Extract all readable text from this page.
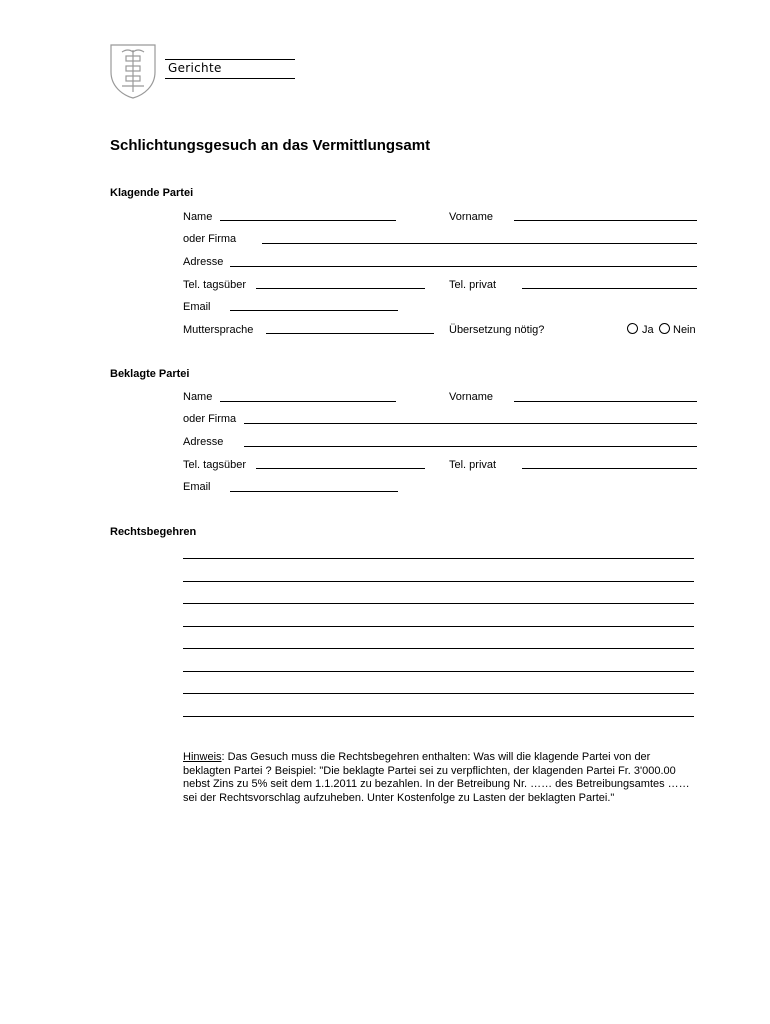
Gerichte
Schlichtungsgesuch an das Vermittlungsamt
Klagende Partei
Name	Vorname
oder Firma
Adresse
Tel. tagsüber	Tel. privat
Email
Muttersprache	Übersetzung nötig?	Ja Nein
Beklagte Partei
Name	Vorname
oder Firma
Adresse
Tel. tagsüber	Tel. privat
Email
Rechtsbegehren
Hinweis: Das Gesuch muss die Rechtsbegehren enthalten: Was will die klagende Partei von der beklagten Partei ? Beispiel: "Die beklagte Partei sei zu verpflichten, der klagenden Partei Fr. 3'000.00 nebst Zins zu 5% seit dem 1.1.2011 zu bezahlen. In der Betreibung Nr. …… des Betreibungsamtes …… sei der Rechtsvorschlag aufzuheben. Unter Kostenfolge zu Lasten der beklagten Partei."
